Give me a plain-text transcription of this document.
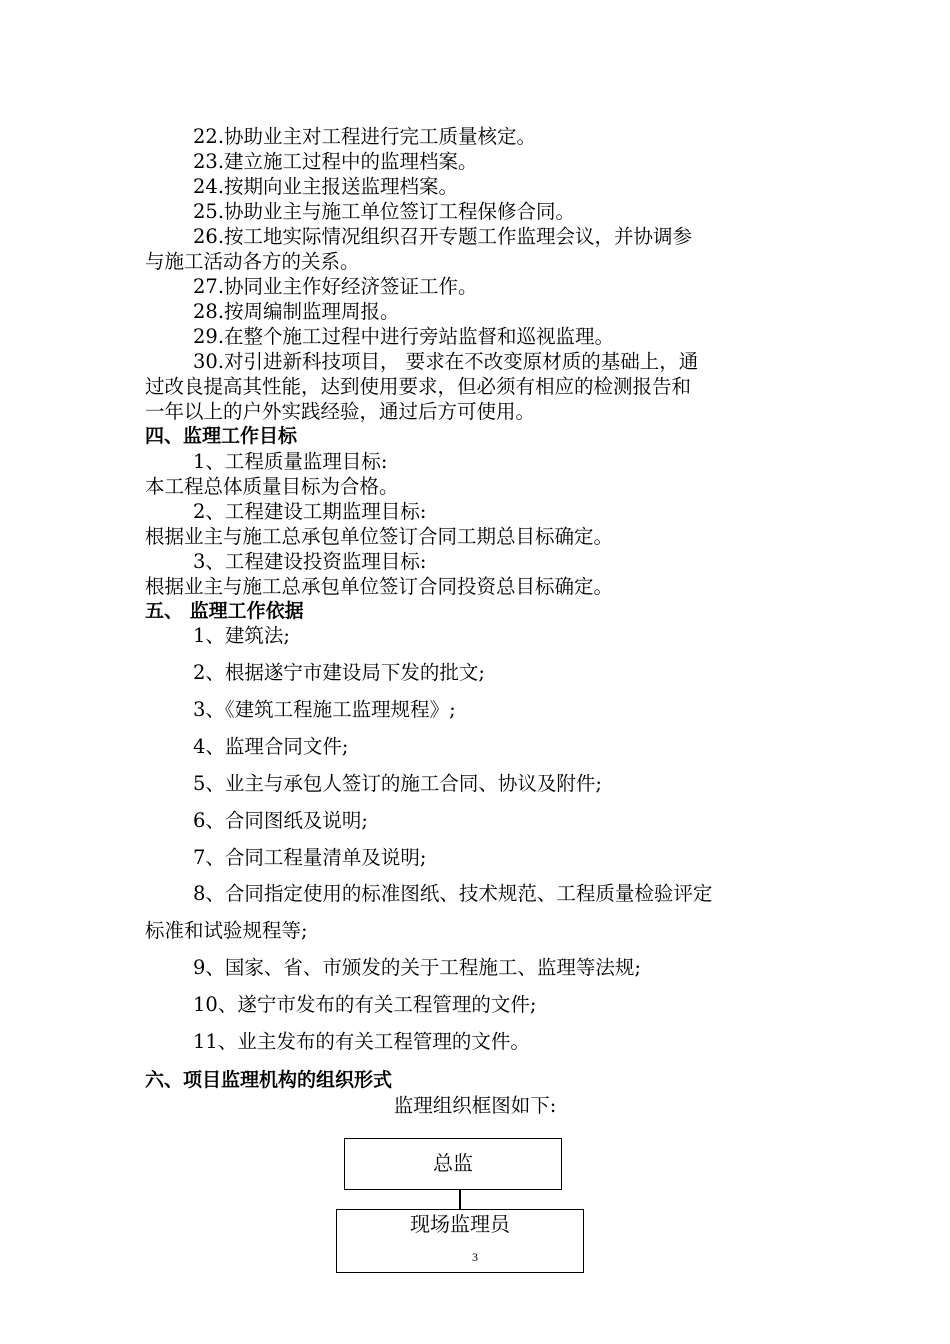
22.协助业主对工程进行完工质量核定。
23.建立施工过程中的监理档案。
24.按期向业主报送监理档案。
25.协助业主与施工单位签订工程保修合同。
26.按工地实际情况组织召开专题工作监理会议，并协调参
与施工活动各方的关系。
27.协同业主作好经济签证工作。
28.按周编制监理周报。
29.在整个施工过程中进行旁站监督和巡视监理。
30.对引进新科技项目， 要求在不改变原材质的基础上，通
过改良提高其性能，达到使用要求，但必须有相应的检测报告和
一年以上的户外实践经验，通过后方可使用。
四、监理工作目标
1、工程质量监理目标:
本工程总体质量目标为合格。
2、工程建设工期监理目标:
根据业主与施工总承包单位签订合同工期总目标确定。
3、工程建设投资监理目标:
根据业主与施工总承包单位签订合同投资总目标确定。
五、 监理工作依据
1、建筑法;
2、根据遂宁市建设局下发的批文;
3、《建筑工程施工监理规程》;
4、监理合同文件;
5、业主与承包人签订的施工合同、协议及附件;
6、合同图纸及说明;
7、合同工程量清单及说明;
8、合同指定使用的标准图纸、技术规范、工程质量检验评定
标准和试验规程等;
9、国家、省、市颁发的关于工程施工、监理等法规;
10、遂宁市发布的有关工程管理的文件;
11、业主发布的有关工程管理的文件。
六、项目监理机构的组织形式
监理组织框图如下:
总监
现场监理员
3
